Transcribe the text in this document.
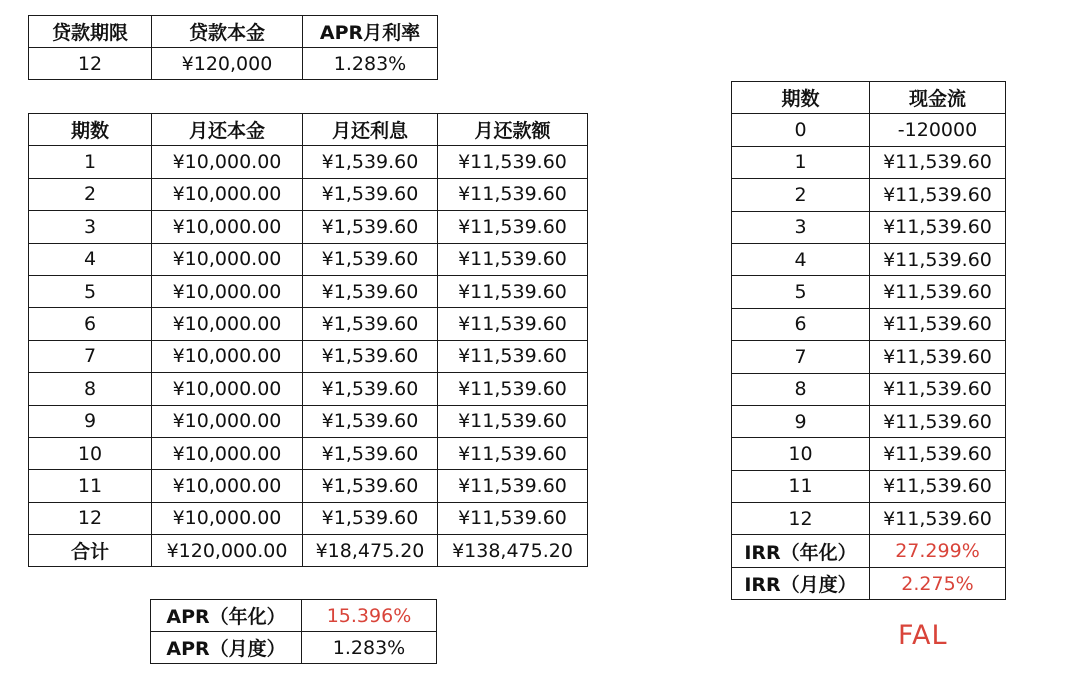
贷款期限	贷款本金	APR月利率
12	¥120,000	1.283%
期数	月还本金	月还利息	月还款额
1	¥10,000.00	¥1,539.60	¥11,539.60
2	¥10,000.00	¥1,539.60	¥11,539.60
3	¥10,000.00	¥1,539.60	¥11,539.60
4	¥10,000.00	¥1,539.60	¥11,539.60
5	¥10,000.00	¥1,539.60	¥11,539.60
6	¥10,000.00	¥1,539.60	¥11,539.60
7	¥10,000.00	¥1,539.60	¥11,539.60
8	¥10,000.00	¥1,539.60	¥11,539.60
9	¥10,000.00	¥1,539.60	¥11,539.60
10	¥10,000.00	¥1,539.60	¥11,539.60
11	¥10,000.00	¥1,539.60	¥11,539.60
12	¥10,000.00	¥1,539.60	¥11,539.60
合计	¥120,000.00	¥18,475.20	¥138,475.20
APR（年化）	15.396%
APR（月度）	1.283%
期数	现金流
0	-120000
1	¥11,539.60
2	¥11,539.60
3	¥11,539.60
4	¥11,539.60
5	¥11,539.60
6	¥11,539.60
7	¥11,539.60
8	¥11,539.60
9	¥11,539.60
10	¥11,539.60
11	¥11,539.60
12	¥11,539.60
IRR（年化）	27.299%
IRR（月度）	2.275%
FAL
